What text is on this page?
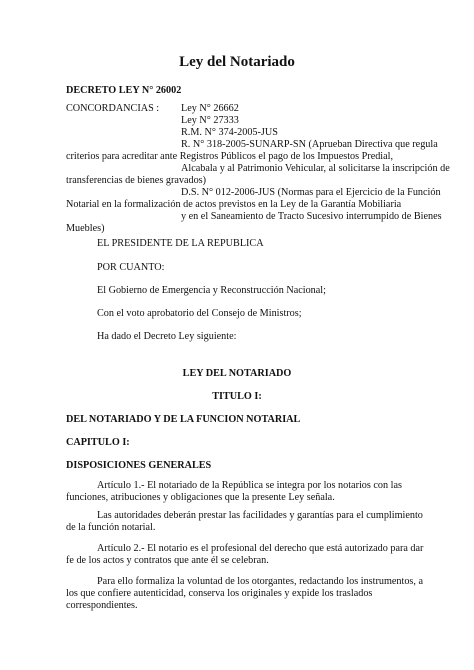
Ley del Notariado
DECRETO LEY N° 26002
CONCORDANCIAS : Ley N° 26662
Ley N° 27333
R.M. N° 374-2005-JUS
R. N° 318-2005-SUNARP-SN (Aprueban Directiva que regula
criterios para acreditar ante Registros Públicos el pago de los Impuestos Predial,
Alcabala y al Patrimonio Vehicular, al solicitarse la inscripción de
transferencias de bienes gravados)
D.S. N° 012-2006-JUS (Normas para el Ejercicio de la Función
Notarial en la formalización de actos previstos en la Ley de la Garantía Mobiliaria
y en el Saneamiento de Tracto Sucesivo interrumpido de Bienes
Muebles)
EL PRESIDENTE DE LA REPUBLICA
POR CUANTO:
El Gobierno de Emergencia y Reconstrucción Nacional;
Con el voto aprobatorio del Consejo de Ministros;
Ha dado el Decreto Ley siguiente:
LEY DEL NOTARIADO
TITULO I:
DEL NOTARIADO Y DE LA FUNCION NOTARIAL
CAPITULO I:
DISPOSICIONES GENERALES
Artículo 1.- El notariado de la República se integra por los notarios con las
funciones, atribuciones y obligaciones que la presente Ley señala.
Las autoridades deberán prestar las facilidades y garantías para el cumplimiento
de la función notarial.
Artículo 2.- El notario es el profesional del derecho que está autorizado para dar
fe de los actos y contratos que ante él se celebran.
Para ello formaliza la voluntad de los otorgantes, redactando los instrumentos, a
los que confiere autenticidad, conserva los originales y expide los traslados
correspondientes.
